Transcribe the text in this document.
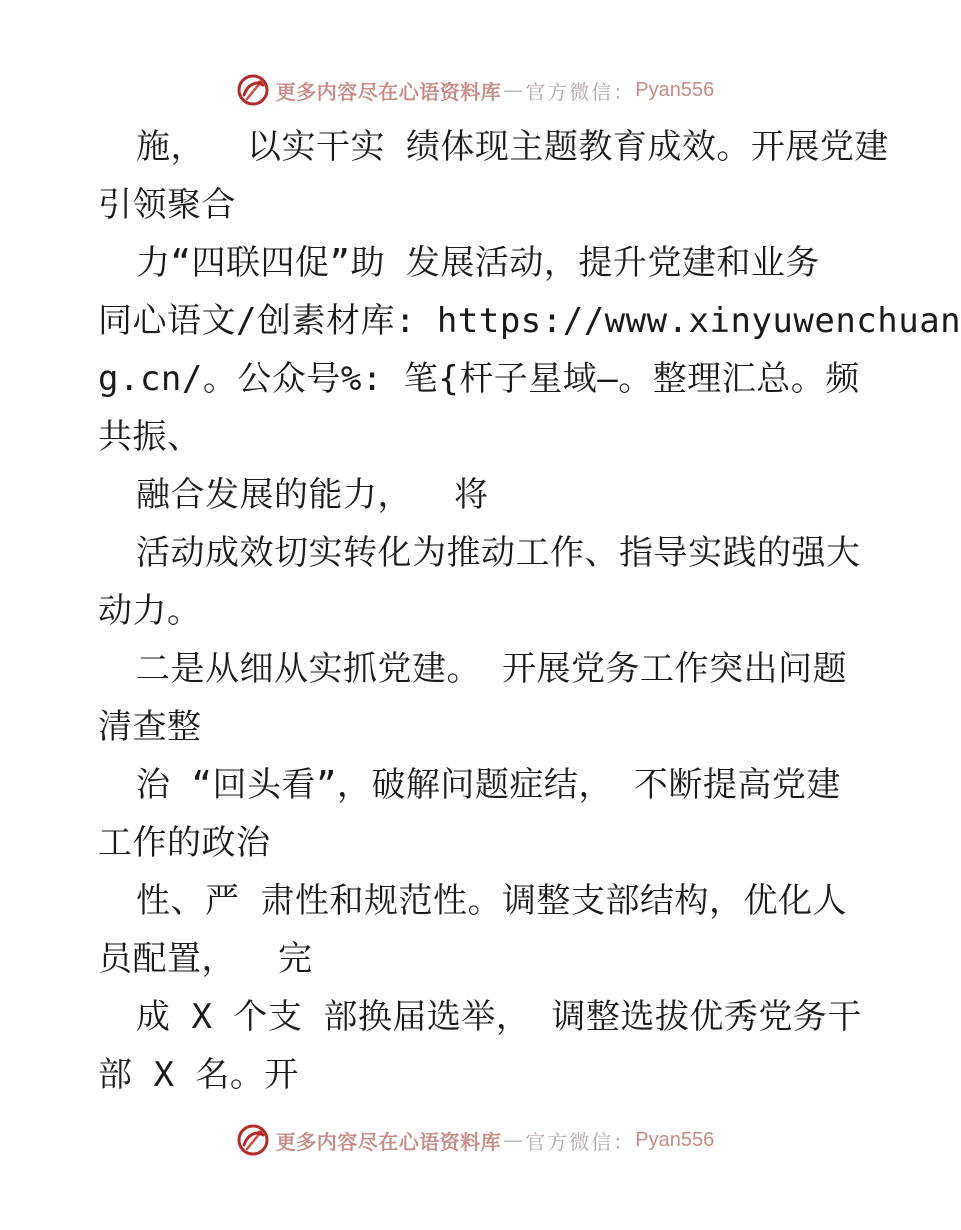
更多内容尽在心语资料库 — 官方微信： Pyan556
施，  以实干实 绩体现主题教育成效。开展党建
引领聚合
力“四联四促”助 发展活动，提升党建和业务
同心语文/创素材库: https://www.xinyuwenchuan
g.cn/。公众号%: 笔{杆子星域—。整理汇总。频
共振、
融合发展的能力，  将
活动成效切实转化为推动工作、指导实践的强大
动力。
二是从细从实抓党建。 开展党务工作突出问题
清查整
治 “回头看”，破解问题症结， 不断提高党建
工作的政治
性、严 肃性和规范性。调整支部结构，优化人
员配置，  完
成 X 个支 部换届选举， 调整选拔优秀党务干
部 X 名。开
更多内容尽在心语资料库 — 官方微信： Pyan556
